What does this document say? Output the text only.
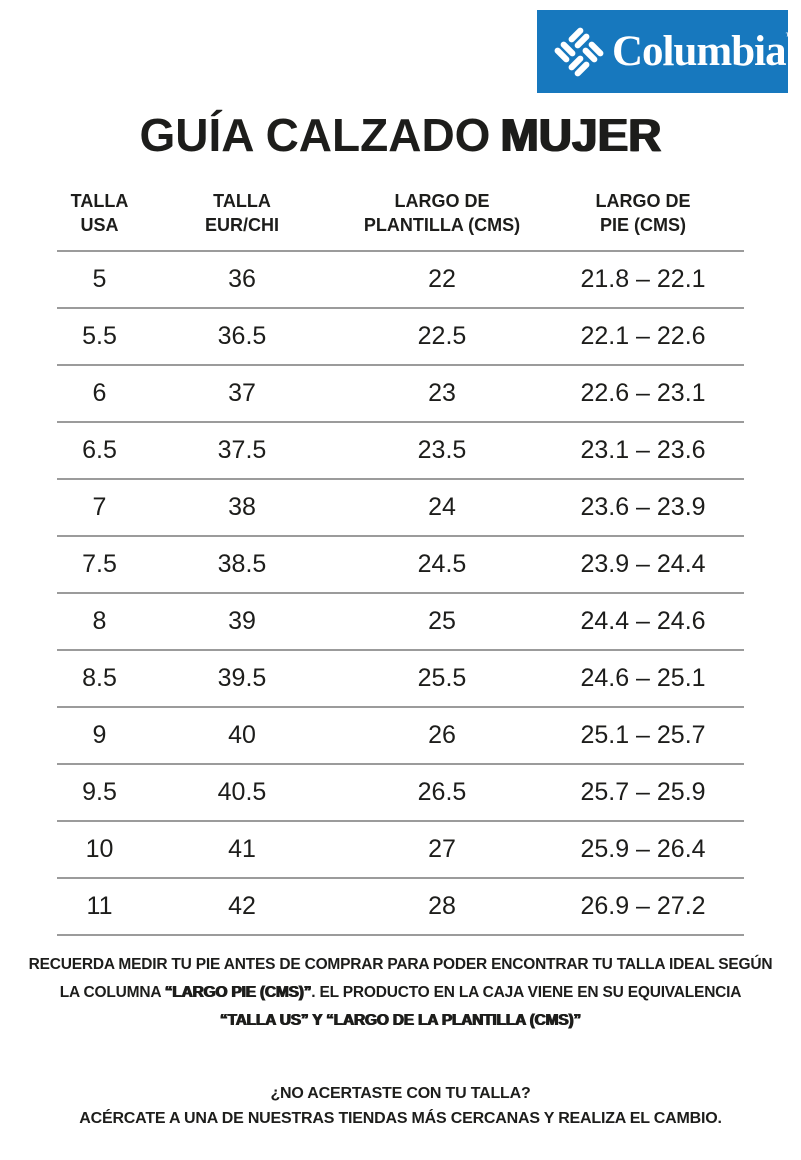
Columbia™
GUÍA CALZADO MUJER
TALLA
USA

TALLA
EUR/CHI

LARGO DE
PLANTILLA (CMS)

LARGO DE
PIE (CMS)

5	36	22	21.8 – 22.1
5.5	36.5	22.5	22.1 – 22.6
6	37	23	22.6 – 23.1
6.5	37.5	23.5	23.1 – 23.6
7	38	24	23.6 – 23.9
7.5	38.5	24.5	23.9 – 24.4
8	39	25	24.4 – 24.6
8.5	39.5	25.5	24.6 – 25.1
9	40	26	25.1 – 25.7
9.5	40.5	26.5	25.7 – 25.9
10	41	27	25.9 – 26.4
11	42	28	26.9 – 27.2
RECUERDA MEDIR TU PIE ANTES DE COMPRAR PARA PODER ENCONTRAR TU TALLA IDEAL SEGÚN
LA COLUMNA “LARGO PIE (CMS)”. EL PRODUCTO EN LA CAJA VIENE EN SU EQUIVALENCIA
“TALLA US” Y “LARGO DE LA PLANTILLA (CMS)”
¿NO ACERTASTE CON TU TALLA?
ACÉRCATE A UNA DE NUESTRAS TIENDAS MÁS CERCANAS Y REALIZA EL CAMBIO.
